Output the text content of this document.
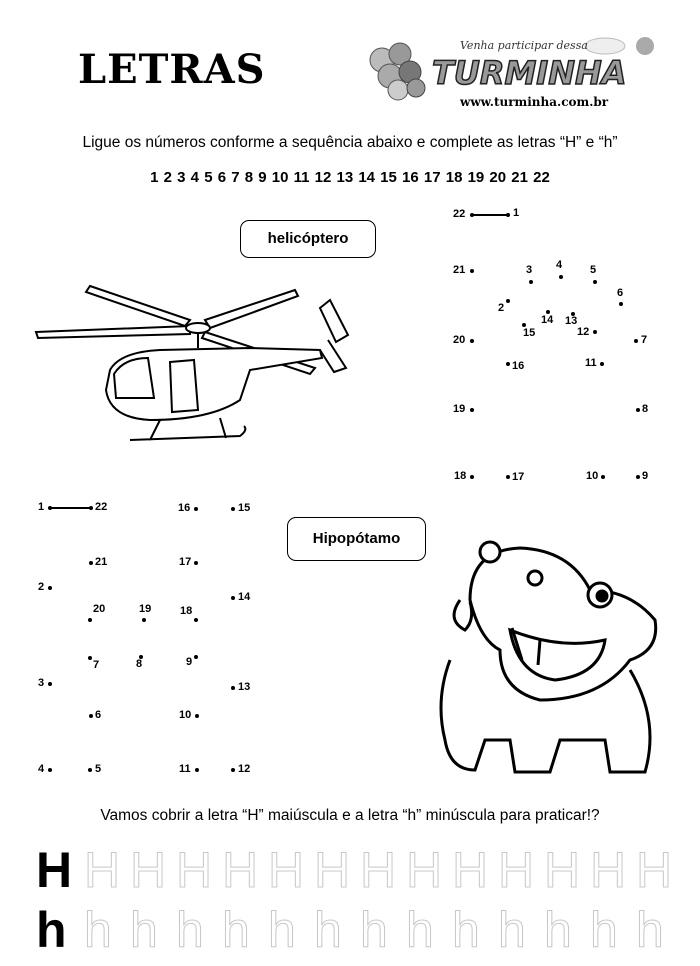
LETRAS
Venha participar dessa
TURMINHA
www.turminha.com.br
Ligue os números conforme a sequência abaixo e complete as letras “H” e “h”
1 2 3 4 5 6 7 8 9 10 11 12 13 14 15 16 17 18 19 20 21 22
helicóptero
Hipopótamo
1
2
3 4	5
6
7
8
9
10
11
12
13
14
15
16
17
18
19
20
21
22
1
2
3
4	5
6
7	8	9
10
11	12
13
14
15
16
17
18
19
20
21
22
Vamos cobrir a letra “H” maiúscula e a letra “h” minúscula para praticar!?
H H H H H H H H H H H H H H
h h h h h h h h h h h h h h
